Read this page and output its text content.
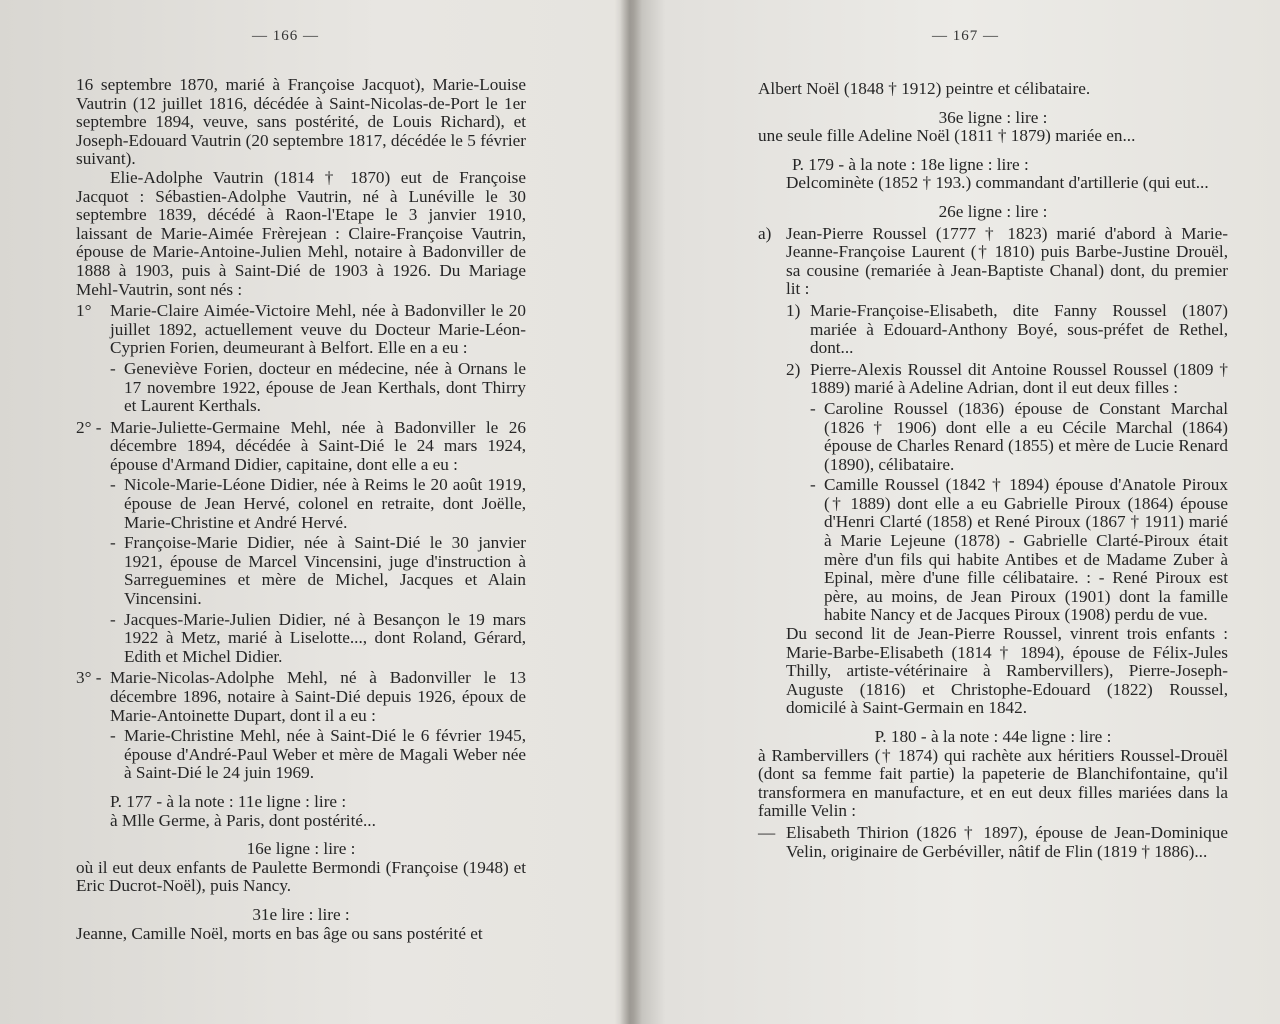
— 166 —

16 septembre 1870, marié à Françoise Jacquot), Marie-Louise Vautrin (12 juillet 1816, décédée à Saint-Nicolas-de-Port le 1er septembre 1894, veuve, sans postérité, de Louis Richard), et Joseph-Edouard Vautrin (20 septembre 1817, décédée le 5 février suivant).

Elie-Adolphe Vautrin (1814 † 1870) eut de Françoise Jacquot : Sébastien-Adolphe Vautrin, né à Lunéville le 30 septembre 1839, décédé à Raon-l'Etape le 3 janvier 1910, laissant de Marie-Aimée Frèrejean : Claire-Françoise Vautrin, épouse de Marie-Antoine-Julien Mehl, notaire à Badonviller de 1888 à 1903, puis à Saint-Dié de 1903 à 1926. Du Mariage Mehl-Vautrin, sont nés :

1°	Marie-Claire Aimée-Victoire Mehl, née à Badonviller le 20 juillet 1892, actuellement veuve du Docteur Marie-Léon-Cyprien Forien, deumeurant à Belfort. Elle en a eu :
- Geneviève Forien, docteur en médecine, née à Ornans le 17 novembre 1922, épouse de Jean Kerthals, dont Thirry et Laurent Kerthals.
2° - Marie-Juliette-Germaine Mehl, née à Badonviller le 26 décembre 1894, décédée à Saint-Dié le 24 mars 1924, épouse d'Armand Didier, capitaine, dont elle a eu :
- Nicole-Marie-Léone Didier, née à Reims le 20 août 1919, épouse de Jean Hervé, colonel en retraite, dont Joëlle, Marie-Christine et André Hervé.
- Françoise-Marie Didier, née à Saint-Dié le 30 janvier 1921, épouse de Marcel Vincensini, juge d'instruction à Sarreguemines et mère de Michel, Jacques et Alain Vincensini.
- Jacques-Marie-Julien Didier, né à Besançon le 19 mars 1922 à Metz, marié à Liselotte..., dont Roland, Gérard, Edith et Michel Didier.
3° - Marie-Nicolas-Adolphe Mehl, né à Badonviller le 13 décembre 1896, notaire à Saint-Dié depuis 1926, époux de Marie-Antoinette Dupart, dont il a eu :
- Marie-Christine Mehl, née à Saint-Dié le 6 février 1945, épouse d'André-Paul Weber et mère de Magali Weber née à Saint-Dié le 24 juin 1969.

P. 177 - à la note : 11e ligne : lire :

à Mlle Germe, à Paris, dont postérité...

16e ligne : lire :

où il eut deux enfants de Paulette Bermondi (Françoise (1948) et Eric Ducrot-Noël), puis Nancy.

31e lire : lire :

Jeanne, Camille Noël, morts en bas âge ou sans postérité et

— 167 —

Albert Noël (1848 † 1912) peintre et célibataire.

36e ligne : lire :

une seule fille Adeline Noël (1811 † 1879) mariée en...

P. 179 - à la note : 18e ligne : lire :

Delcominète (1852 † 193.) commandant d'artillerie (qui eut...

26e ligne : lire :

a) Jean-Pierre Roussel (1777 † 1823) marié d'abord à Marie-Jeanne-Françoise Laurent († 1810) puis Barbe-Justine Drouël, sa cousine (remariée à Jean-Baptiste Chanal) dont, du premier lit :
1) Marie-Françoise-Elisabeth, dite Fanny Roussel (1807) mariée à Edouard-Anthony Boyé, sous-préfet de Rethel, dont...
2) Pierre-Alexis Roussel dit Antoine Roussel Roussel (1809 † 1889) marié à Adeline Adrian, dont il eut deux filles :
- Caroline Roussel (1836) épouse de Constant Marchal (1826 † 1906) dont elle a eu Cécile Marchal (1864) épouse de Charles Renard (1855) et mère de Lucie Renard (1890), célibataire.
- Camille Roussel (1842 † 1894) épouse d'Anatole Piroux († 1889) dont elle a eu Gabrielle Piroux (1864) épouse d'Henri Clarté (1858) et René Piroux (1867 † 1911) marié à Marie Lejeune (1878) - Gabrielle Clarté-Piroux était mère d'un fils qui habite Antibes et de Madame Zuber à Epinal, mère d'une fille célibataire. : - René Piroux est père, au moins, de Jean Piroux (1901) dont la famille habite Nancy et de Jacques Piroux (1908) perdu de vue.

Du second lit de Jean-Pierre Roussel, vinrent trois enfants : Marie-Barbe-Elisabeth (1814 † 1894), épouse de Félix-Jules Thilly, artiste-vétérinaire à Rambervillers), Pierre-Joseph-Auguste (1816) et Christophe-Edouard (1822) Roussel, domicilé à Saint-Germain en 1842.

P. 180 - à la note : 44e ligne : lire :

à Rambervillers († 1874) qui rachète aux héritiers Roussel-Drouël (dont sa femme fait partie) la papeterie de Blanchifontaine, qu'il transformera en manufacture, et en eut deux filles mariées dans la famille Velin :

— Elisabeth Thirion (1826 † 1897), épouse de Jean-Dominique Velin, originaire de Gerbéviller, nâtif de Flin (1819 † 1886)...
